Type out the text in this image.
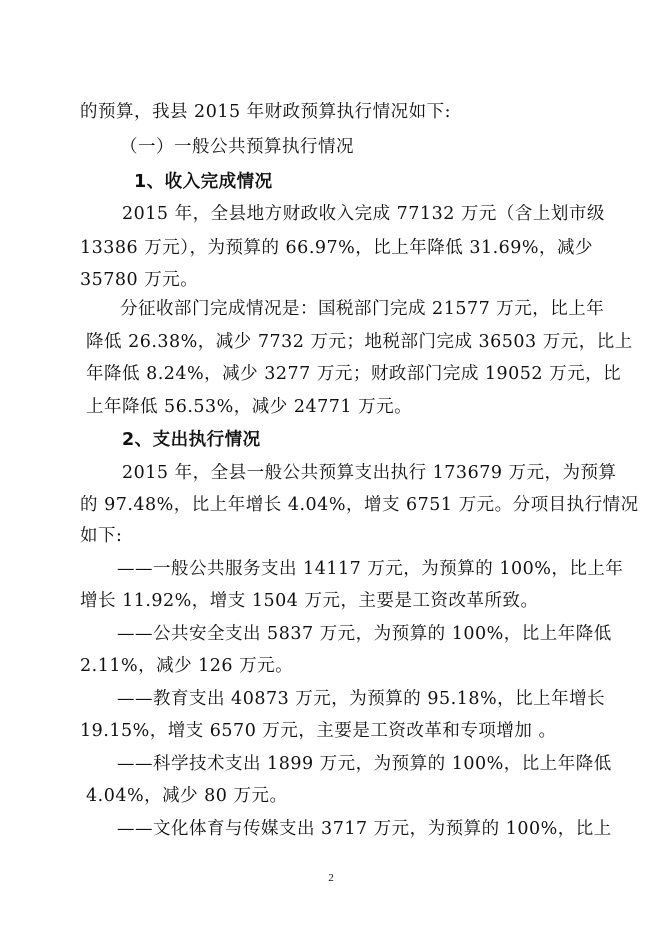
的预算，我县 2015 年财政预算执行情况如下:
（一）一般公共预算执行情况
1、收入完成情况
2015 年，全县地方财政收入完成 77132 万元（含上划市级
13386 万元），为预算的 66.97%，比上年降低 31.69%，减少
35780 万元。
分征收部门完成情况是：国税部门完成 21577 万元，比上年
降低 26.38%，减少 7732 万元；地税部门完成 36503 万元，比上
年降低 8.24%，减少 3277 万元；财政部门完成 19052 万元，比
上年降低 56.53%，减少 24771 万元。
2、支出执行情况
2015 年，全县一般公共预算支出执行 173679 万元，为预算
的 97.48%，比上年增长 4.04%，增支 6751 万元。分项目执行情况
如下:
——一般公共服务支出 14117 万元，为预算的 100%，比上年
增长 11.92%，增支 1504 万元，主要是工资改革所致。
——公共安全支出 5837 万元，为预算的 100%，比上年降低
2.11%，减少 126 万元。
——教育支出 40873 万元，为预算的 95.18%，比上年增长
19.15%，增支 6570 万元，主要是工资改革和专项增加 。
——科学技术支出 1899 万元，为预算的 100%，比上年降低
4.04%，减少 80 万元。
——文化体育与传媒支出 3717 万元，为预算的 100%，比上
2
